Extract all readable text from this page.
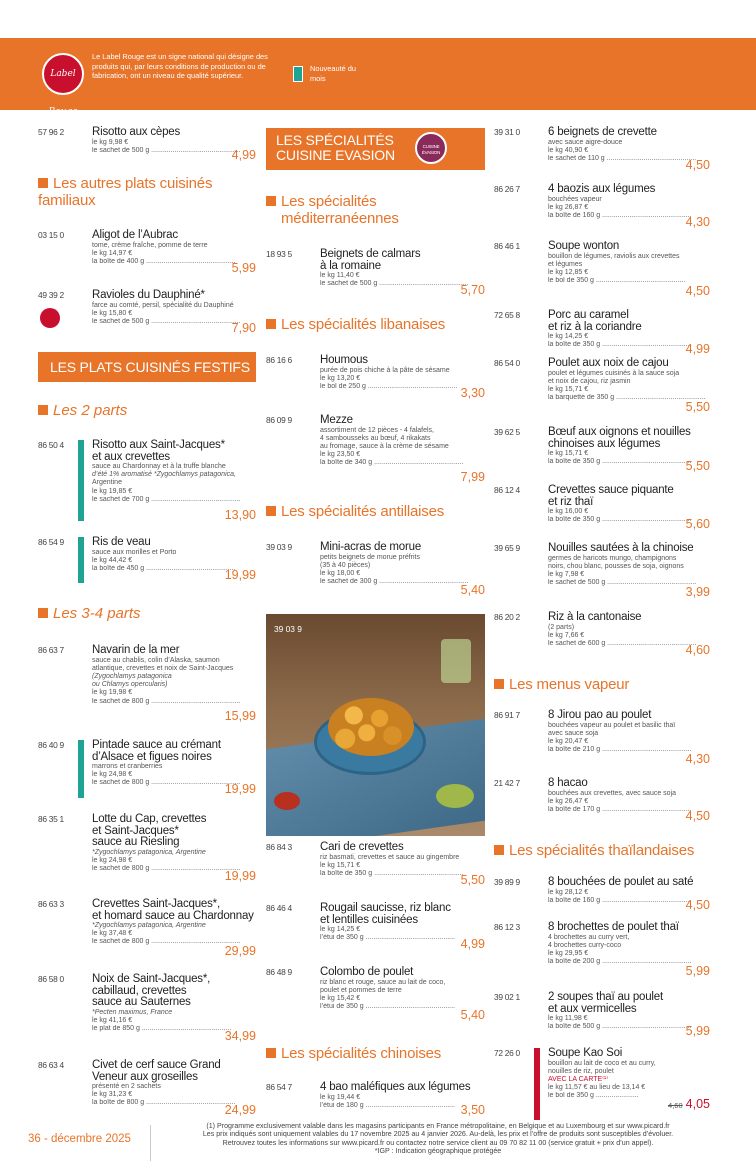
Label Rouge
Le Label Rouge est un signe national qui désigne des produits qui, par leurs conditions de production ou de fabrication, ont un niveau de qualité supérieur.
Nouveauté du mois
57 96 2 Risotto aux cèpes
le kg 9,98 €
le sachet de 500 g ..............................................
4,99
Les autres plats cuisinés familiaux
03 15 0 Aligot de l’Aubrac
tome, crème fraîche, pomme de terre
le kg 14,97 €
la boîte de 400 g ..............................................
5,99
49 39 2 Ravioles du Dauphiné*
farce au comté, persil, spécialité du Dauphiné
le kg 15,80 €
le sachet de 500 g ..............................................
7,90
LES PLATS CUISINÉS FESTIFS
Les 2 parts
86 50 4 Risotto aux Saint-Jacques*
et aux crevettes
sauce au Chardonnay et à la truffe blanche
d’été 1% aromatisé *Zygochlamys patagonica,
Argentine
le kg 19,85 €
le sachet de 700 g ..............................................
13,90
86 54 9 Ris de veau
sauce aux morilles et Porto
le kg 44,42 €
la boîte de 450 g ..............................................
19,99
Les 3-4 parts
86 63 7 Navarin de la mer
sauce au chablis, colin d’Alaska, saumon
atlantique, crevettes et noix de Saint-Jacques
(Zygochlamys patagonica
ou Chlamys opercularis)
le kg 19,98 €
le sachet de 800 g ..............................................
15,99
86 40 9 Pintade sauce au crémant
d’Alsace et figues noires
marrons et cranberries
le kg 24,98 €
le sachet de 800 g ..............................................
19,99
86 35 1 Lotte du Cap, crevettes
et Saint-Jacques*
sauce au Riesling
*Zygochlamys patagonica, Argentine
le kg 24,98 €
le sachet de 800 g ..............................................
19,99
86 63 3 Crevettes Saint-Jacques*,
et homard sauce au Chardonnay
*Zygochlamys patagonica, Argentine
le kg 37,48 €
le sachet de 800 g ..............................................
29,99
86 58 0 Noix de Saint-Jacques*,
cabillaud, crevettes
sauce au Sauternes
*Pecten maximus, France
le kg 41,16 €
le plat de 850 g ..............................................
34,99
86 63 4 Civet de cerf sauce Grand
Veneur aux groseilles
présenté en 2 sachets
le kg 31,23 €
la boîte de 800 g ..............................................
24,99
LES SPÉCIALITÉS
CUISINE EVASION
CUISINE ÉVASION
Les spécialités
méditerranéennes
18 93 5 Beignets de calmars
à la romaine
le kg 11,40 €
le sachet de 500 g ..............................................
5,70
Les spécialités libanaises
86 16 6 Houmous
purée de pois chiche à la pâte de sésame
le kg 13,20 €
le bol de 250 g .............................................. 3,30
86 09 9 Mezze
assortiment de 12 pièces - 4 falafels,
4 sambousseks au bœuf, 4 rikakats
au fromage, sauce à la crème de sésame
le kg 23,50 €
la boîte de 340 g ..............................................
7,99
Les spécialités antillaises
39 03 9 Mini-acras de morue
petits beignets de morue préfrits
(35 à 40 pièces)
le kg 18,00 €
le sachet de 300 g ..............................................
5,40
39 03 9
86 84 3 Cari de crevettes
riz basmati, crevettes et sauce au gingembre
le kg 15,71 €
la boîte de 350 g ..............................................
5,50
86 46 4 Rougail saucisse, riz blanc
et lentilles cuisinées
le kg 14,25 €
l’étui de 350 g .............................................. 4,99
86 48 9 Colombo de poulet
riz blanc et rouge, sauce au lait de coco,
poulet et pommes de terre
le kg 15,42 €
l’étui de 350 g ..............................................
5,40
Les spécialités chinoises
86 54 7 4 bao maléfiques aux légumes
le kg 19,44 €
l’étui de 180 g .............................................. 3,50
39 31 0 6 beignets de crevette
avec sauce aigre-douce
le kg 40,90 €
le sachet de 110 g ..............................................
4,50
86 26 7 4 baozis aux légumes
bouchées vapeur
le kg 26,87 €
la boîte de 160 g ..............................................
4,30
86 46 1 Soupe wonton
bouillon de légumes, raviolis aux crevettes
et légumes
le kg 12,85 €
le bol de 350 g ..............................................
4,50
72 65 8 Porc au caramel
et riz à la coriandre
le kg 14,25 €
la boîte de 350 g ..............................................
4,99
86 54 0 Poulet aux noix de cajou
poulet et légumes cuisinés à la sauce soja
et noix de cajou, riz jasmin
le kg 15,71 €
la barquette de 350 g ..............................................
5,50
39 62 5 Bœuf aux oignons et nouilles
chinoises aux légumes
le kg 15,71 €
la boîte de 350 g ..............................................
5,50
86 12 4 Crevettes sauce piquante
et riz thaï
le kg 16,00 €
la boîte de 350 g ..............................................
5,60
39 65 9 Nouilles sautées à la chinoise
germes de haricots mungo, champignons
noirs, chou blanc, pousses de soja, oignons
le kg 7,98 €
le sachet de 500 g ..............................................
3,99
86 20 2 Riz à la cantonaise
(2 parts)
le kg 7,66 €
le sachet de 600 g ..............................................
4,60
Les menus vapeur
86 91 7 8 Jirou pao au poulet
bouchées vapeur au poulet et basilic thaï
avec sauce soja
le kg 20,47 €
la boîte de 210 g ..............................................
4,30
21 42 7 8 hacao
bouchées aux crevettes, avec sauce soja
le kg 26,47 €
la boîte de 170 g ..............................................
4,50
Les spécialités thaïlandaises
39 89 9 8 bouchées de poulet au saté
le kg 28,12 €
la boîte de 160 g ..............................................
4,50
86 12 3 8 brochettes de poulet thaï
4 brochettes au curry vert,
4 brochettes curry-coco
le kg 29,95 €
la boîte de 200 g ..............................................
5,99
39 02 1 2 soupes thaï au poulet
et aux vermicelles
le kg 11,98 €
la boîte de 500 g ..............................................
5,99
72 26 0 Soupe Kao Soi
bouillon au lait de coco et au curry,
nouilles de riz, poulet
AVEC LA CARTE⁽¹⁾
le kg 11,57 € au lieu de 13,14 €
le bol de 350 g ......................
4,60 4,05
36 - décembre 2025
(1) Programme exclusivement valable dans les magasins participants en France métropolitaine, en Belgique et au Luxembourg et sur www.picard.fr
Les prix indiqués sont uniquement valables du 17 novembre 2025 au 4 janvier 2026. Au-delà, les prix et l’offre de produits sont susceptibles d’évoluer.
Retrouvez toutes les informations sur www.picard.fr ou contactez notre service client au 09 70 82 11 00 (service gratuit + prix d’un appel).
*IGP : Indication géographique protégée
